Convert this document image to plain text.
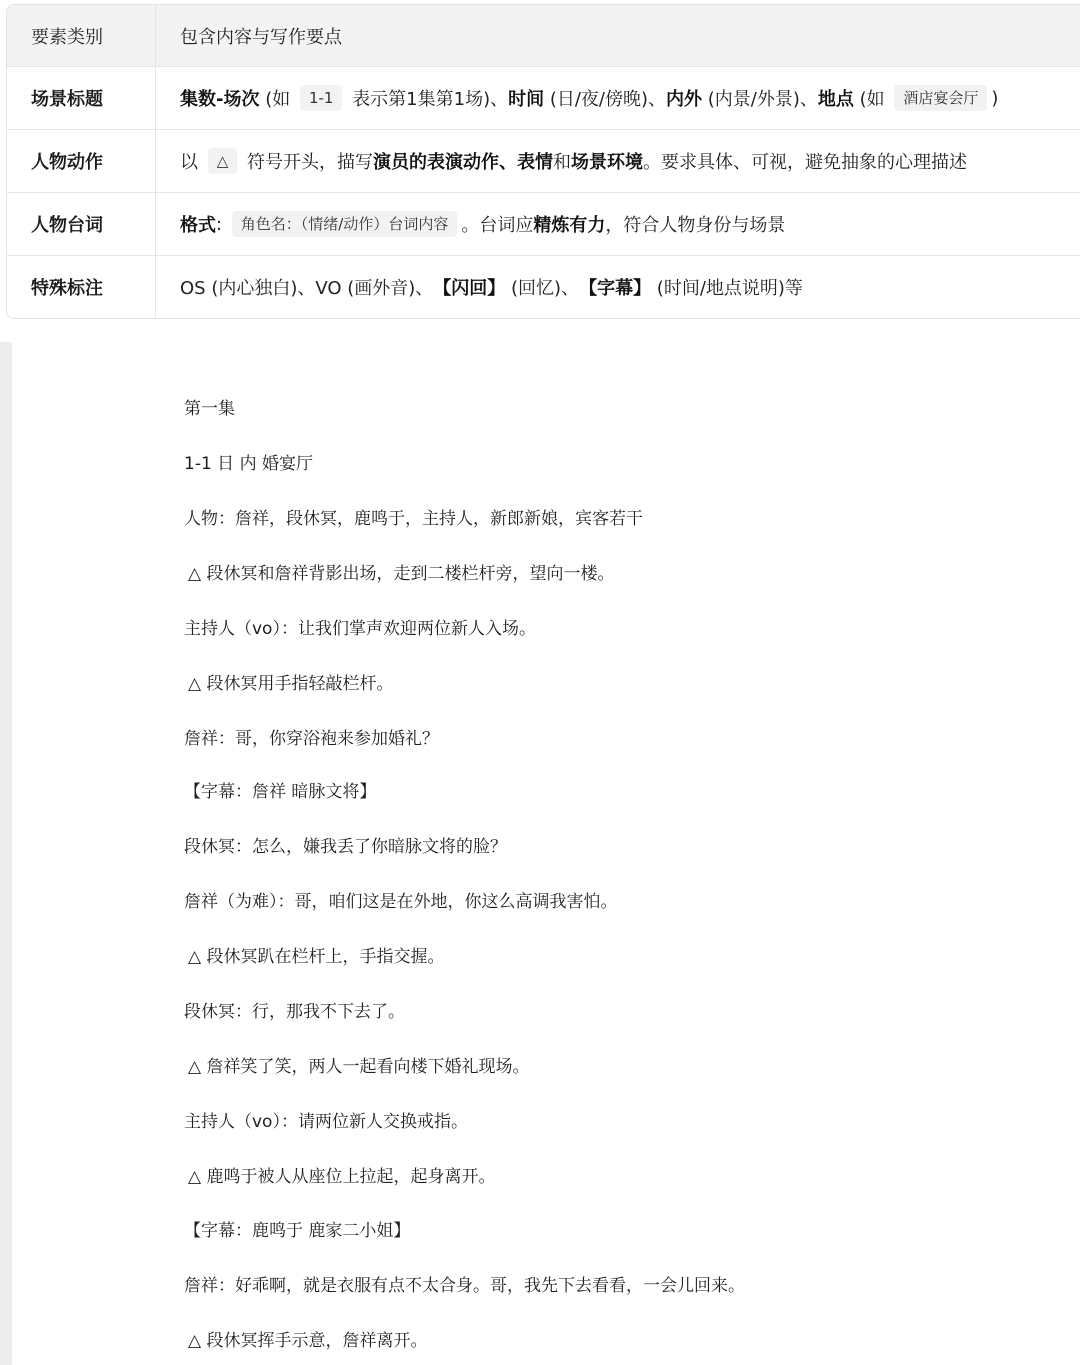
要素类别	包含内容与写作要点
场景标题	集数-场次 (如 1-1 表示第1集第1场)、 时间 (日/夜/傍晚)、 内外 (内景/外景)、 地点 (如 酒店宴会厅 )
人物动作	以 △ 符号开头，描写 演员的表演动作、表情 和 场景环境 。要求具体、可视，避免抽象的心理描述
人物台词	格式 : 角色名：（情绪/动作）台词内容 。台词应 精炼有力 ，符合人物身份与场景
特殊标注	OS (内心独白)、VO (画外音)、 【闪回】 (回忆)、 【字幕】 (时间/地点说明)等
第一集
1-1 日 内 婚宴厅
人物：詹祥，段休冥，鹿鸣于，主持人，新郎新娘，宾客若干
△ 段休冥和詹祥背影出场，走到二楼栏杆旁，望向一楼。
主持人（vo）：让我们掌声欢迎两位新人入场。
△ 段休冥用手指轻敲栏杆。
詹祥：哥，你穿浴袍来参加婚礼？
【字幕：詹祥 暗脉文将】
段休冥：怎么，嫌我丢了你暗脉文将的脸？
詹祥（为难）：哥，咱们这是在外地，你这么高调我害怕。
△ 段休冥趴在栏杆上，手指交握。
段休冥：行，那我不下去了。
△ 詹祥笑了笑，两人一起看向楼下婚礼现场。
主持人（vo）：请两位新人交换戒指。
△ 鹿鸣于被人从座位上拉起，起身离开。
【字幕：鹿鸣于 鹿家二小姐】
詹祥：好乖啊，就是衣服有点不太合身。哥，我先下去看看，一会儿回来。
△ 段休冥挥手示意，詹祥离开。
